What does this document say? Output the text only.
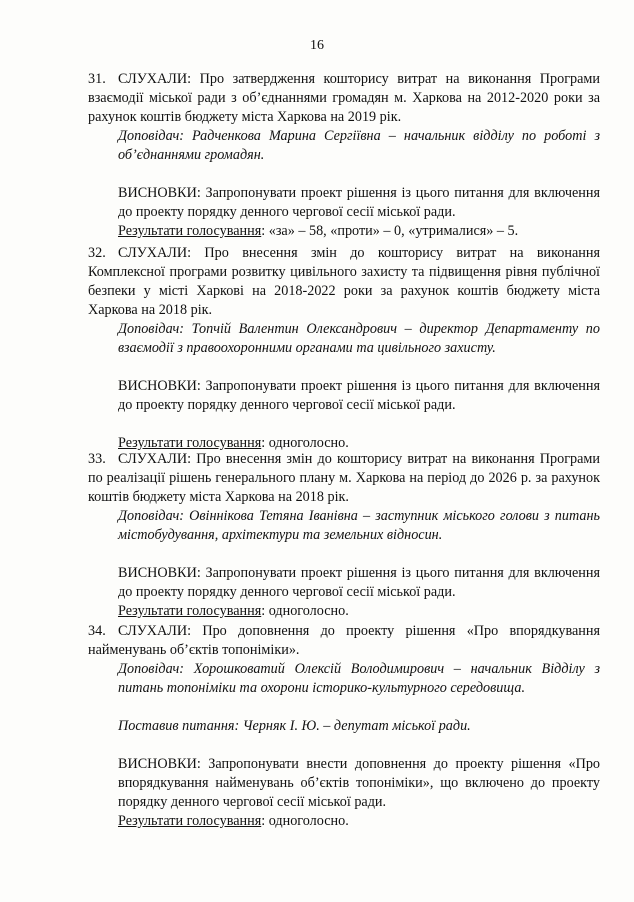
16
31. СЛУХАЛИ: Про затвердження кошторису витрат на виконання Програми взаємодії міської ради з об’єднаннями громадян м. Харкова на 2012-2020 роки за рахунок коштів бюджету міста Харкова на 2019 рік.

Доповідач: Радченкова Марина Сергіївна – начальник відділу по роботі з об’єднаннями громадян.

ВИСНОВКИ: Запропонувати проект рішення із цього питання для включення до проекту порядку денного чергової сесії міської ради.

Результати голосування: «за» – 58, «проти» – 0, «утрималися» – 5.

32. СЛУХАЛИ: Про внесення змін до кошторису витрат на виконання Комплексної програми розвитку цивільного захисту та підвищення рівня публічної безпеки у місті Харкові на 2018-2022 роки за рахунок коштів бюджету міста Харкова на 2018 рік.

Доповідач: Топчій Валентин Олександрович – директор Департаменту по взаємодії з правоохоронними органами та цивільного захисту.

ВИСНОВКИ: Запропонувати проект рішення із цього питання для включення до проекту порядку денного чергової сесії міської ради.

Результати голосування: одноголосно.

33. СЛУХАЛИ: Про внесення змін до кошторису витрат на виконання Програми по реалізації рішень генерального плану м. Харкова на період до 2026 р. за рахунок коштів бюджету міста Харкова на 2018 рік.

Доповідач: Овіннікова Тетяна Іванівна – заступник міського голови з питань містобудування, архітектури та земельних відносин.

ВИСНОВКИ: Запропонувати проект рішення із цього питання для включення до проекту порядку денного чергової сесії міської ради.

Результати голосування: одноголосно.

34. СЛУХАЛИ: Про доповнення до проекту рішення «Про впорядкування найменувань об’єктів топоніміки».

Доповідач: Хорошковатий Олексій Володимирович – начальник Відділу з питань топоніміки та охорони історико-культурного середовища.

Поставив питання: Черняк І. Ю. – депутат міської ради.

ВИСНОВКИ: Запропонувати внести доповнення до проекту рішення «Про впорядкування найменувань об’єктів топоніміки», що включено до проекту порядку денного чергової сесії міської ради.

Результати голосування: одноголосно.
